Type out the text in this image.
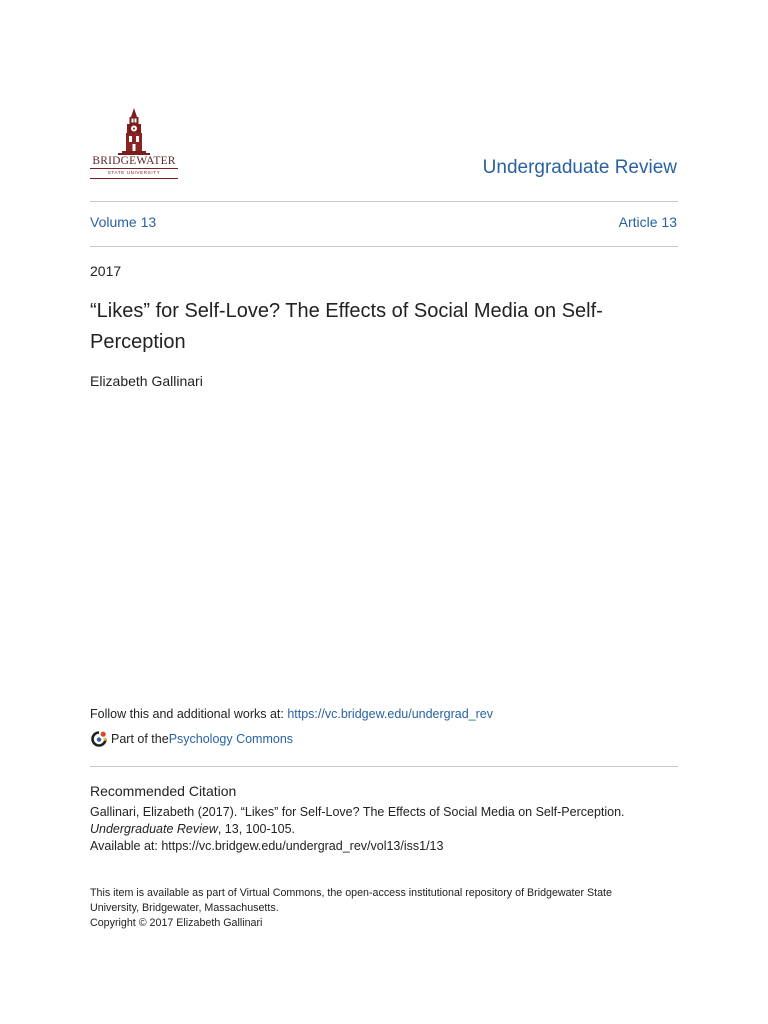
BRIDGEWATER
STATE UNIVERSITY	Undergraduate Review
Volume 13	Article 13
2017
“Likes” for Self-Love? The Effects of Social Media on Self-
Perception
Elizabeth Gallinari
Follow this and additional works at: https://vc.bridgew.edu/undergrad_rev
Part of the Psychology Commons
Recommended Citation
Gallinari, Elizabeth (2017). “Likes” for Self-Love? The Effects of Social Media on Self-Perception.
Undergraduate Review, 13, 100-105.
Available at: https://vc.bridgew.edu/undergrad_rev/vol13/iss1/13
This item is available as part of Virtual Commons, the open-access institutional repository of Bridgewater State
University, Bridgewater, Massachusetts.
Copyright © 2017 Elizabeth Gallinari
